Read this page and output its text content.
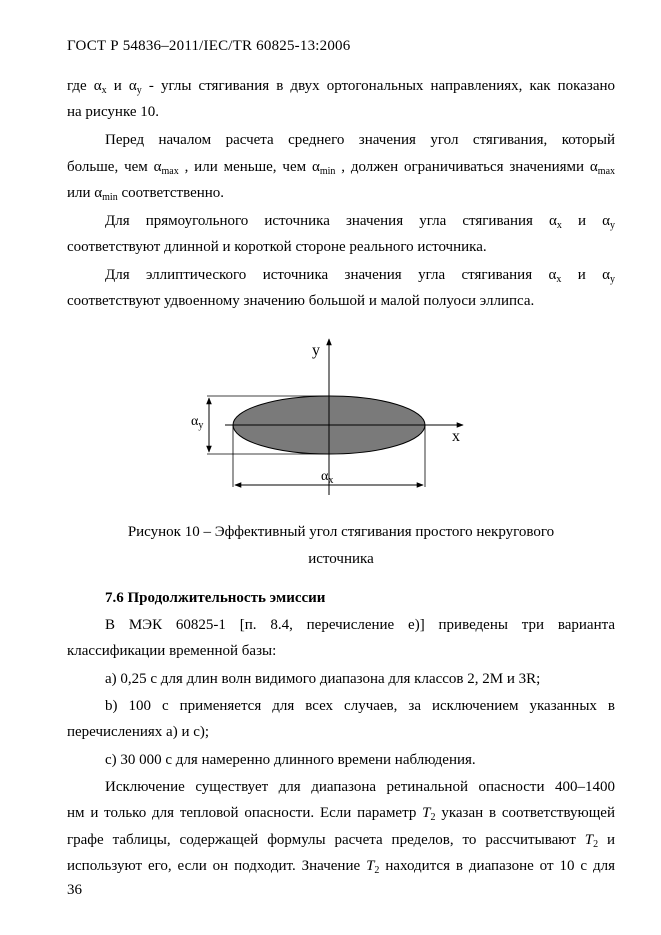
ГОСТ Р 54836–2011/IEC/TR 60825-13:2006
где $\alpha_x$ и $\alpha_y$ - углы стягивания в двух ортогональных направлениях, как показано
на рисунке 10.
Перед началом расчета среднего значения угол стягивания, который
больше, чем $\alpha_{max}$ , или меньше, чем $\alpha_{min}$ , должен ограничиваться значениями $\alpha_{max}$
или $\alpha_{min}$ соответственно.
Для прямоугольного источника значения угла стягивания $\alpha_x$ и $\alpha_y$
соответствуют длинной и короткой стороне реального источника.
Для эллиптического источника значения угла стягивания $\alpha_x$ и $\alpha_y$
соответствуют удвоенному значению большой и малой полуоси эллипса.
y
x
$\alpha_y$
$\alpha_x$
Рисунок 10 – Эффективный угол стягивания простого некругового
источника
7.6 Продолжительность эмиссии
В МЭК 60825-1 [п. 8.4, перечисление e)] приведены три варианта
классификации временной базы:
a) 0,25 с для длин волн видимого диапазона для классов 2, 2M и 3R;
b) 100 с применяется для всех случаев, за исключением указанных в
перечислениях a) и c);
c) 30 000 с для намеренно длинного времени наблюдения.
Исключение существует для диапазона ретинальной опасности 400–1400
нм и только для тепловой опасности. Если параметр $T_2$ указан в соответствующей
графе таблицы, содержащей формулы расчета пределов, то рассчитывают $T_2$ и
используют его, если он подходит. Значение $T_2$ находится в диапазоне от 10 с для
36
